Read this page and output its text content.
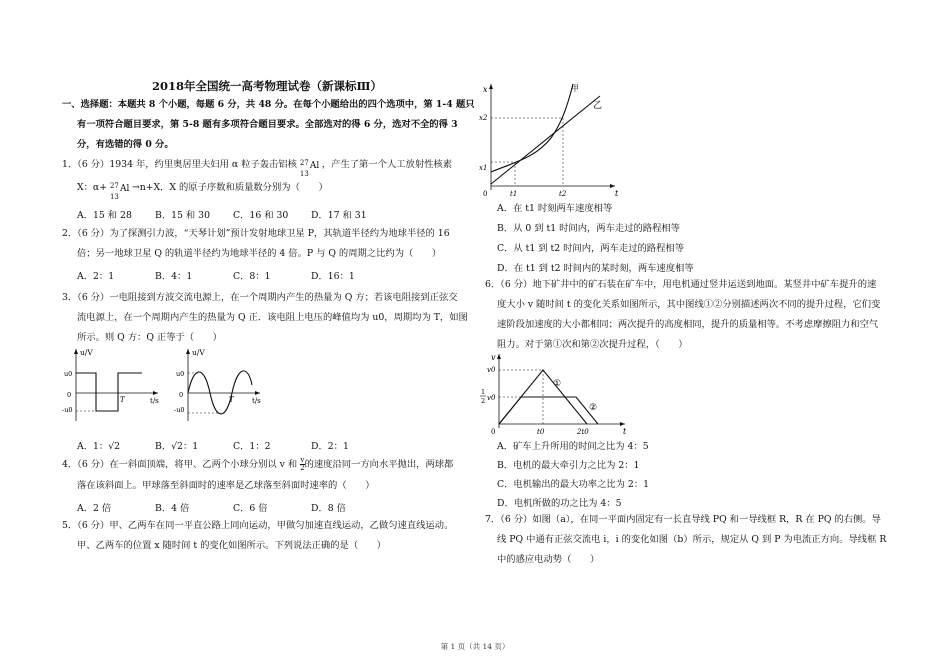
2018年全国统一高考物理试卷（新课标Ⅲ）
一、选择题：本题共 8 个小题，每题 6 分，共 48 分。在每个小题给出的四个选项中，第 1-4 题只
有一项符合题目要求，第 5-8 题有多项符合题目要求。全部选对的得 6 分，选对不全的得 3
分，有选错的得 0 分。
1．（6 分）1934 年，约里奥居里夫妇用 α 粒子轰击铝核 27
13
Al ，产生了第一个人工放射性核素
X：α+ 27
13
Al →n+X．X 的原子序数和质量数分别为（　　）
A．15 和 28 B．15 和 30 C．16 和 30 D．17 和 31
2．（6 分）为了探测引力波，“天琴计划”预计发射地球卫星 P，其轨道半径约为地球半径的 16
倍；另一地球卫星 Q 的轨道半径约为地球半径的 4 倍。P 与 Q 的周期之比约为（　　）
A．2：1	B．4：1	C．8：1	D．16：1
3．（6 分）一电阻接到方波交流电源上，在一个周期内产生的热量为 Q 方；若该电阻接到正弦交
流电源上，在一个周期内产生的热量为 Q 正．该电阻上电压的峰值均为 u0，周期均为 T，如图
所示。则 Q 方：Q 正等于（　　）
u/V
t/s
u0
-u0
0
T
u/V
t/s
u0
-u0
0
T
A．1：√2	B．√2：1	C．1：2	D．2：1
4．（6 分）在一斜面顶端，将甲、乙两个小球分别以 v 和 $\frac{v}{2}$的速度沿同一方向水平抛出，两球都
落在该斜面上。甲球落至斜面时的速率是乙球落至斜面时速率的（　　）
A．2 倍	B．4 倍	C．6 倍	D．8 倍
5．（6 分）甲、乙两车在同一平直公路上同向运动，甲做匀加速直线运动，乙做匀速直线运动。
甲、乙两车的位置 x 随时间 t 的变化如图所示。下列说法正确的是（　　）
x
t
0
x2
x1
t1	t2
甲
乙
A．在 t1 时刻两车速度相等
B．从 0 到 t1 时间内，两车走过的路程相等
C．从 t1 到 t2 时间内，两车走过的路程相等
D．在 t1 到 t2 时间内的某时刻，两车速度相等
6．（6 分）地下矿井中的矿石装在矿车中，用电机通过竖井运送到地面。某竖井中矿车提升的速
度大小 v 随时间 t 的变化关系如图所示，其中图线①②分别描述两次不同的提升过程，它们变
速阶段加速度的大小都相同；两次提升的高度相同，提升的质量相等。不考虑摩擦阻力和空气
阻力。对于第①次和第②次提升过程，（　　）
v
t
0
v0
1
2 v0
t0	2t0
①
②
A．矿车上升所用的时间之比为 4：5
B．电机的最大牵引力之比为 2：1
C．电机输出的最大功率之比为 2：1
D．电机所做的功之比为 4：5
7．（6 分）如图（a），在同一平面内固定有一长直导线 PQ 和一导线框 R，R 在 PQ 的右侧。导
线 PQ 中通有正弦交流电 i，i 的变化如图（b）所示，规定从 Q 到 P 为电流正方向。导线框 R
中的感应电动势（　　）
第 1 页（共 14 页）
